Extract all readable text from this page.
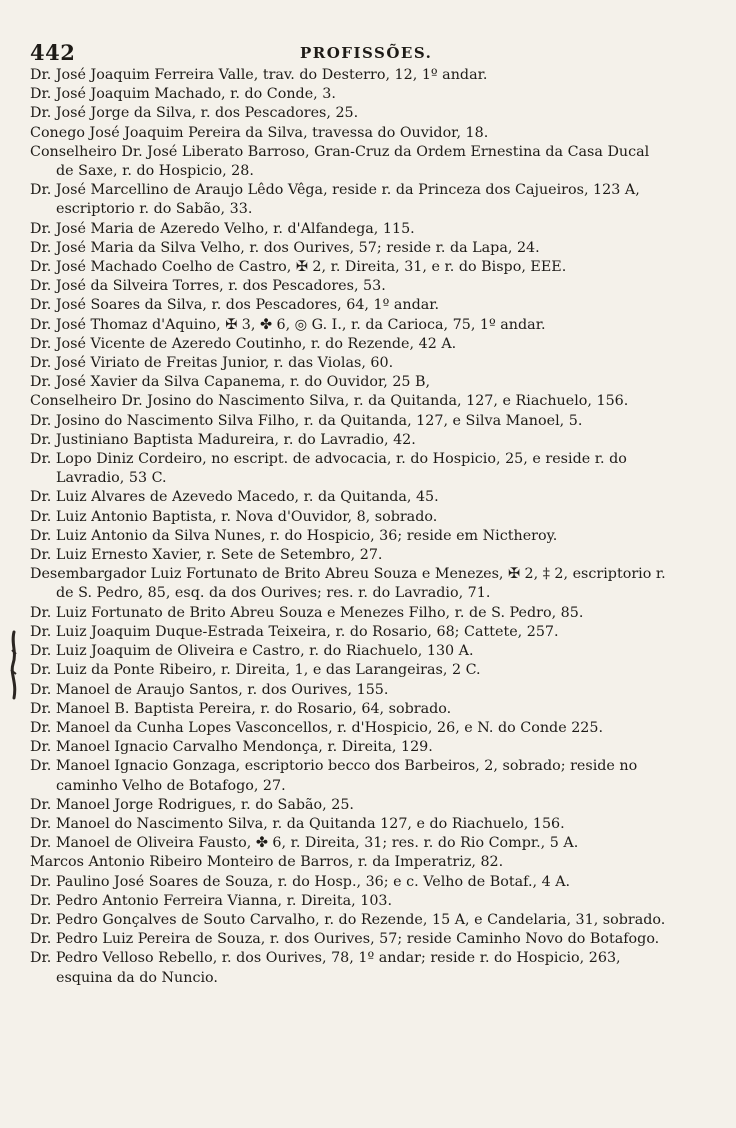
442	PROFISSÕES.
Dr. José Joaquim Ferreira Valle, trav. do Desterro, 12, 1º andar.
Dr. José Joaquim Machado, r. do Conde, 3.
Dr. José Jorge da Silva, r. dos Pescadores, 25.
Conego José Joaquim Pereira da Silva, travessa do Ouvidor, 18.
Conselheiro Dr. José Liberato Barroso, Gran-Cruz da Ordem Ernestina da Casa Ducal de Saxe, r. do Hospicio, 28.
Dr. José Marcellino de Araujo Lêdo Vêga, reside r. da Princeza dos Cajueiros, 123 A, escriptorio r. do Sabão, 33.
Dr. José Maria de Azeredo Velho, r. d'Alfandega, 115.
Dr. José Maria da Silva Velho, r. dos Ourives, 57; reside r. da Lapa, 24.
Dr. José Machado Coelho de Castro, ✠ 2, r. Direita, 31, e r. do Bispo, EEE.
Dr. José da Silveira Torres, r. dos Pescadores, 53.
Dr. José Soares da Silva, r. dos Pescadores, 64, 1º andar.
Dr. José Thomaz d'Aquino, ✠ 3, ✤ 6, ◎ G. I., r. da Carioca, 75, 1º andar.
Dr. José Vicente de Azeredo Coutinho, r. do Rezende, 42 A.
Dr. José Viriato de Freitas Junior, r. das Violas, 60.
Dr. José Xavier da Silva Capanema, r. do Ouvidor, 25 B,
Conselheiro Dr. Josino do Nascimento Silva, r. da Quitanda, 127, e Riachuelo, 156.
Dr. Josino do Nascimento Silva Filho, r. da Quitanda, 127, e Silva Manoel, 5.
Dr. Justiniano Baptista Madureira, r. do Lavradio, 42.
Dr. Lopo Diniz Cordeiro, no escript. de advocacia, r. do Hospicio, 25, e reside r. do Lavradio, 53 C.
Dr. Luiz Alvares de Azevedo Macedo, r. da Quitanda, 45.
Dr. Luiz Antonio Baptista, r. Nova d'Ouvidor, 8, sobrado.
Dr. Luiz Antonio da Silva Nunes, r. do Hospicio, 36; reside em Nictheroy.
Dr. Luiz Ernesto Xavier, r. Sete de Setembro, 27.
Desembargador Luiz Fortunato de Brito Abreu Souza e Menezes, ✠ 2, ‡ 2, escriptorio r. de S. Pedro, 85, esq. da dos Ourives; res. r. do Lavradio, 71.
Dr. Luiz Fortunato de Brito Abreu Souza e Menezes Filho, r. de S. Pedro, 85.
Dr. Luiz Joaquim Duque-Estrada Teixeira, r. do Rosario, 68; Cattete, 257.
Dr. Luiz Joaquim de Oliveira e Castro, r. do Riachuelo, 130 A.
Dr. Luiz da Ponte Ribeiro, r. Direita, 1, e das Larangeiras, 2 C.
Dr. Manoel de Araujo Santos, r. dos Ourives, 155.
Dr. Manoel B. Baptista Pereira, r. do Rosario, 64, sobrado.
Dr. Manoel da Cunha Lopes Vasconcellos, r. d'Hospicio, 26, e N. do Conde 225.
Dr. Manoel Ignacio Carvalho Mendonça, r. Direita, 129.
Dr. Manoel Ignacio Gonzaga, escriptorio becco dos Barbeiros, 2, sobrado; reside no caminho Velho de Botafogo, 27.
Dr. Manoel Jorge Rodrigues, r. do Sabão, 25.
Dr. Manoel do Nascimento Silva, r. da Quitanda 127, e do Riachuelo, 156.
Dr. Manoel de Oliveira Fausto, ✤ 6, r. Direita, 31; res. r. do Rio Compr., 5 A.
Marcos Antonio Ribeiro Monteiro de Barros, r. da Imperatriz, 82.
Dr. Paulino José Soares de Souza, r. do Hosp., 36; e c. Velho de Botaf., 4 A.
Dr. Pedro Antonio Ferreira Vianna, r. Direita, 103.
Dr. Pedro Gonçalves de Souto Carvalho, r. do Rezende, 15 A, e Candelaria, 31, sobrado.
Dr. Pedro Luiz Pereira de Souza, r. dos Ourives, 57; reside Caminho Novo do Botafogo.
Dr. Pedro Velloso Rebello, r. dos Ourives, 78, 1º andar; reside r. do Hospicio, 263, esquina da do Nuncio.
